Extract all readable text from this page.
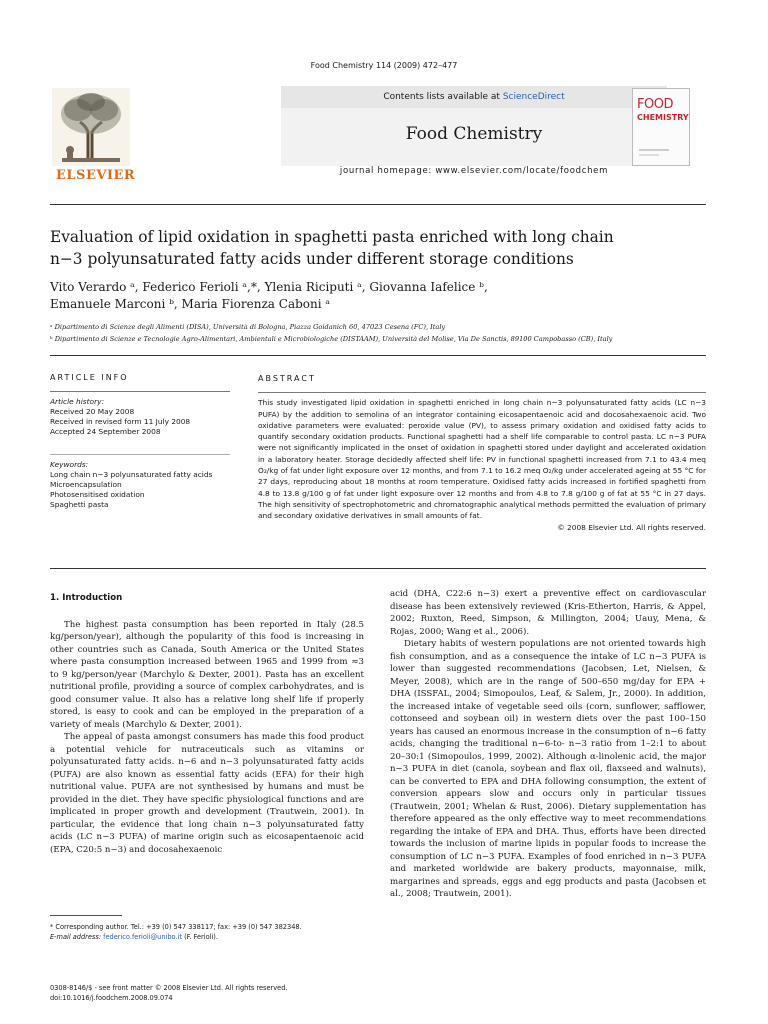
Food Chemistry 114 (2009) 472–477
ELSEVIER
Contents lists available at ScienceDirect
Food Chemistry
journal homepage: www.elsevier.com/locate/foodchem
FOOD
CHEMISTRY
Evaluation of lipid oxidation in spaghetti pasta enriched with long chain
n−3 polyunsaturated fatty acids under different storage conditions
Vito Verardo ᵃ, Federico Ferioli ᵃ,*, Ylenia Riciputi ᵃ, Giovanna Iafelice ᵇ,
Emanuele Marconi ᵇ, Maria Fiorenza Caboni ᵃ
ᵃ Dipartimento di Scienze degli Alimenti (DISA), Università di Bologna, Piazza Goidanich 60, 47023 Cesena (FC), Italy
ᵇ Dipartimento di Scienze e Tecnologie Agro-Alimentari, Ambientali e Microbiologiche (DISTAAM), Università del Molise, Via De Sanctis, 89100 Campobasso (CB), Italy
ARTICLE INFO
Article history:
Received 20 May 2008
Received in revised form 11 July 2008
Accepted 24 September 2008
Keywords:
Long chain n−3 polyunsaturated fatty acids
Microencapsulation
Photosensitised oxidation
Spaghetti pasta
ABSTRACT
This study investigated lipid oxidation in spaghetti enriched in long chain n−3 polyunsaturated fatty acids (LC n−3 PUFA) by the addition to semolina of an integrator containing eicosapentaenoic acid and docosahexaenoic acid. Two oxidative parameters were evaluated: peroxide value (PV), to assess primary oxidation and oxidised fatty acids to quantify secondary oxidation products. Functional spaghetti had a shelf life comparable to control pasta. LC n−3 PUFA were not significantly implicated in the onset of oxidation in spaghetti stored under daylight and accelerated oxidation in a laboratory heater. Storage decidedly affected shelf life: PV in functional spaghetti increased from 7.1 to 43.4 meq O₂/kg of fat under light exposure over 12 months, and from 7.1 to 16.2 meq O₂/kg under accelerated ageing at 55 °C for 27 days, reproducing about 18 months at room temperature. Oxidised fatty acids increased in fortified spaghetti from 4.8 to 13.8 g/100 g of fat under light exposure over 12 months and from 4.8 to 7.8 g/100 g of fat at 55 °C in 27 days. The high sensitivity of spectrophotometric and chromatographic analytical methods permitted the evaluation of primary and secondary oxidative derivatives in small amounts of fat.
© 2008 Elsevier Ltd. All rights reserved.
1. Introduction

The highest pasta consumption has been reported in Italy (28.5 kg/person/year), although the popularity of this food is increasing in other countries such as Canada, South America or the United States where pasta consumption increased between 1965 and 1999 from ≈3 to 9 kg/person/year (Marchylo & Dexter, 2001). Pasta has an excellent nutritional profile, providing a source of complex carbohydrates, and is good consumer value. It also has a relative long shelf life if properly stored, is easy to cook and can be employed in the preparation of a variety of meals (Marchylo & Dexter, 2001).

The appeal of pasta amongst consumers has made this food product a potential vehicle for nutraceuticals such as vitamins or polyunsaturated fatty acids. n−6 and n−3 polyunsaturated fatty acids (PUFA) are also known as essential fatty acids (EFA) for their high nutritional value. PUFA are not synthesised by humans and must be provided in the diet. They have specific physiological functions and are implicated in proper growth and development (Trautwein, 2001). In particular, the evidence that long chain n−3 polyunsaturated fatty acids (LC n−3 PUFA) of marine origin such as eicosapentaenoic acid (EPA, C20:5 n−3) and docosahexaenoic

acid (DHA, C22:6 n−3) exert a preventive effect on cardiovascular disease has been extensively reviewed (Kris-Etherton, Harris, & Appel, 2002; Ruxton, Reed, Simpson, & Millington, 2004; Uauy, Mena, & Rojas, 2000; Wang et al., 2006).

Dietary habits of western populations are not oriented towards high fish consumption, and as a consequence the intake of LC n−3 PUFA is lower than suggested recommendations (Jacobsen, Let, Nielsen, & Meyer, 2008), which are in the range of 500–650 mg/day for EPA + DHA (ISSFAL, 2004; Simopoulos, Leaf, & Salem, Jr., 2000). In addition, the increased intake of vegetable seed oils (corn, sunflower, safflower, cottonseed and soybean oil) in western diets over the past 100–150 years has caused an enormous increase in the consumption of n−6 fatty acids, changing the traditional n−6-to- n−3 ratio from 1–2:1 to about 20–30:1 (Simopoulos, 1999, 2002). Although α-linolenic acid, the major n−3 PUFA in diet (canola, soybean and flax oil, flaxseed and walnuts), can be converted to EPA and DHA following consumption, the extent of conversion appears slow and occurs only in particular tissues (Trautwein, 2001; Whelan & Rust, 2006). Dietary supplementation has therefore appeared as the only effective way to meet recommendations regarding the intake of EPA and DHA. Thus, efforts have been directed towards the inclusion of marine lipids in popular foods to increase the consumption of LC n−3 PUFA. Examples of food enriched in n−3 PUFA and marketed worldwide are bakery products, mayonnaise, milk, margarines and spreads, eggs and egg products and pasta (Jacobsen et al., 2008; Trautwein, 2001).

* Corresponding author. Tel.: +39 (0) 547 338117; fax: +39 (0) 547 382348.
E-mail address: federico.ferioli@unibo.it (F. Ferioli).
0308-8146/$ - see front matter © 2008 Elsevier Ltd. All rights reserved.
doi:10.1016/j.foodchem.2008.09.074
